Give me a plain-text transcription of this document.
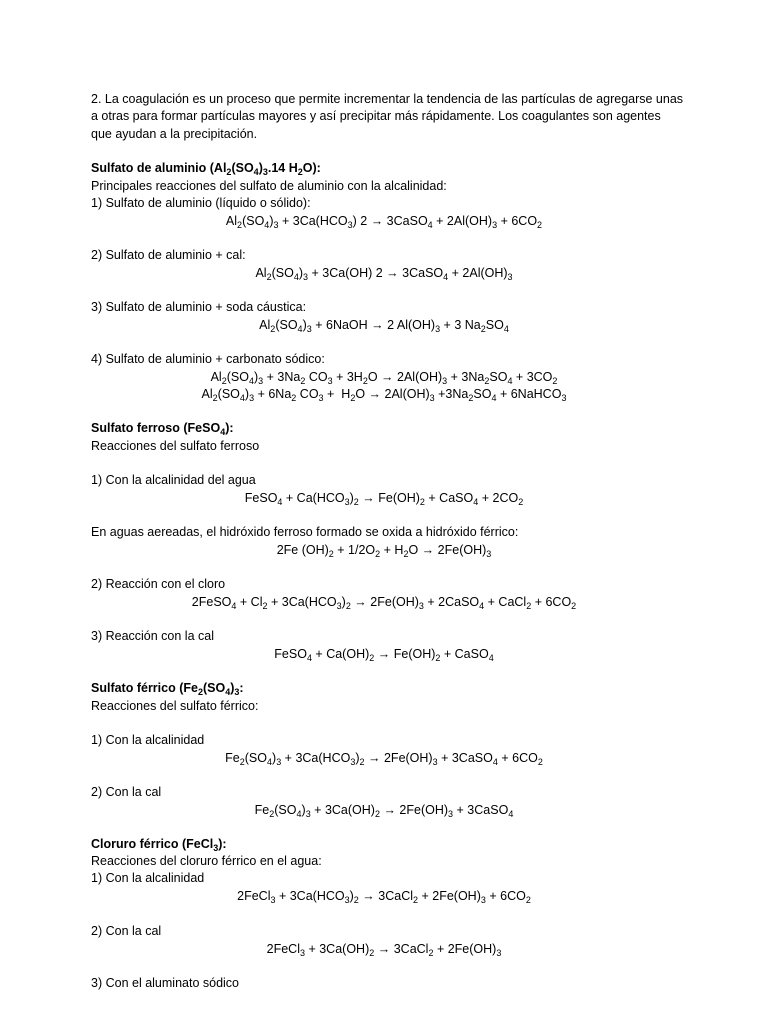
2. La coagulación es un proceso que permite incrementar la tendencia de las partículas de agregarse unas a otras para formar partículas mayores y así precipitar más rápidamente. Los coagulantes son agentes que ayudan a la precipitación.

Sulfato de aluminio ($Al_2(SO_4)_3.14$ $H_2O$):
Principales reacciones del sulfato de aluminio con la alcalinidad:
1) Sulfato de aluminio (líquido o sólido):
$Al_2(SO_4)_3 + 3Ca(HCO_3) 2$ → 3CaSO$_4$ + $2Al(OH)_3 + 6CO_2$
2) Sulfato de aluminio + cal:
$Al_2(SO_4)_3 + 3Ca(OH) 2$ → 3CaSO$_4$ + $2Al(OH)_3$
3) Sulfato de aluminio + soda cáustica:
$Al_2(SO_4)_3$ + 6NaOH → 2 $Al(OH)_3 + 3$ $Na_2SO_4$
4) Sulfato de aluminio + carbonato sódico:
$Al_2(SO_4)_3 + 3Na_2$ $CO_3 + 3H_2O \to 2Al(OH)_3 + 3Na_2SO_4 + 3CO_2$
$Al_2(SO_4)_3 + 6Na_2$ $CO_3 + H_2O \to 2Al(OH)_3 +3Na_2SO_4$ + 6NaHCO$_3$
Sulfato ferroso (FeSO$_4$):
Reacciones del sulfato ferroso
1) Con la alcalinidad del agua
FeSO$_4$ + $Ca(HCO_3)_2 \to Fe(OH)_2$ + CaSO$_4$ + $2CO_2$
En aguas aereadas, el hidróxido ferroso formado se oxida a hidróxido férrico:
2Fe $(OH)_2 + 1/2O_2 + H_2O \to 2Fe(OH)_3$
2) Reacción con el cloro
2FeSO$_4$ + $Cl_2 + 3Ca(HCO_3)_2 \to 2Fe(OH)_3$ + 2CaSO$_4$ + CaCl$_2$ + $6CO_2$
3) Reacción con la cal
FeSO$_4$ + $Ca(OH)_2 \to Fe(OH)_2$ + CaSO$_4$
Sulfato férrico ($Fe_2(SO_4)_3$:
Reacciones del sulfato férrico:
1) Con la alcalinidad
$Fe_2(SO_4)_3 + 3Ca(HCO_3)_2 \to 2Fe(OH)_3$ + 3CaSO$_4$ + $6CO_2$
2) Con la cal
$Fe_2(SO_4)_3 + 3Ca(OH)_2 \to 2Fe(OH)_3$ + 3CaSO$_4$
Cloruro férrico (FeCl$_3$):
Reacciones del cloruro férrico en el agua:
1) Con la alcalinidad
2FeCl$_3$ + $3Ca(HCO_3)_2$ → 3CaCl$_2$ + $2Fe(OH)_3 + 6CO_2$
2) Con la cal
2FeCl$_3$ + $3Ca(OH)_2$ → 3CaCl$_2$ + $2Fe(OH)_3$
3) Con el aluminato sódico
